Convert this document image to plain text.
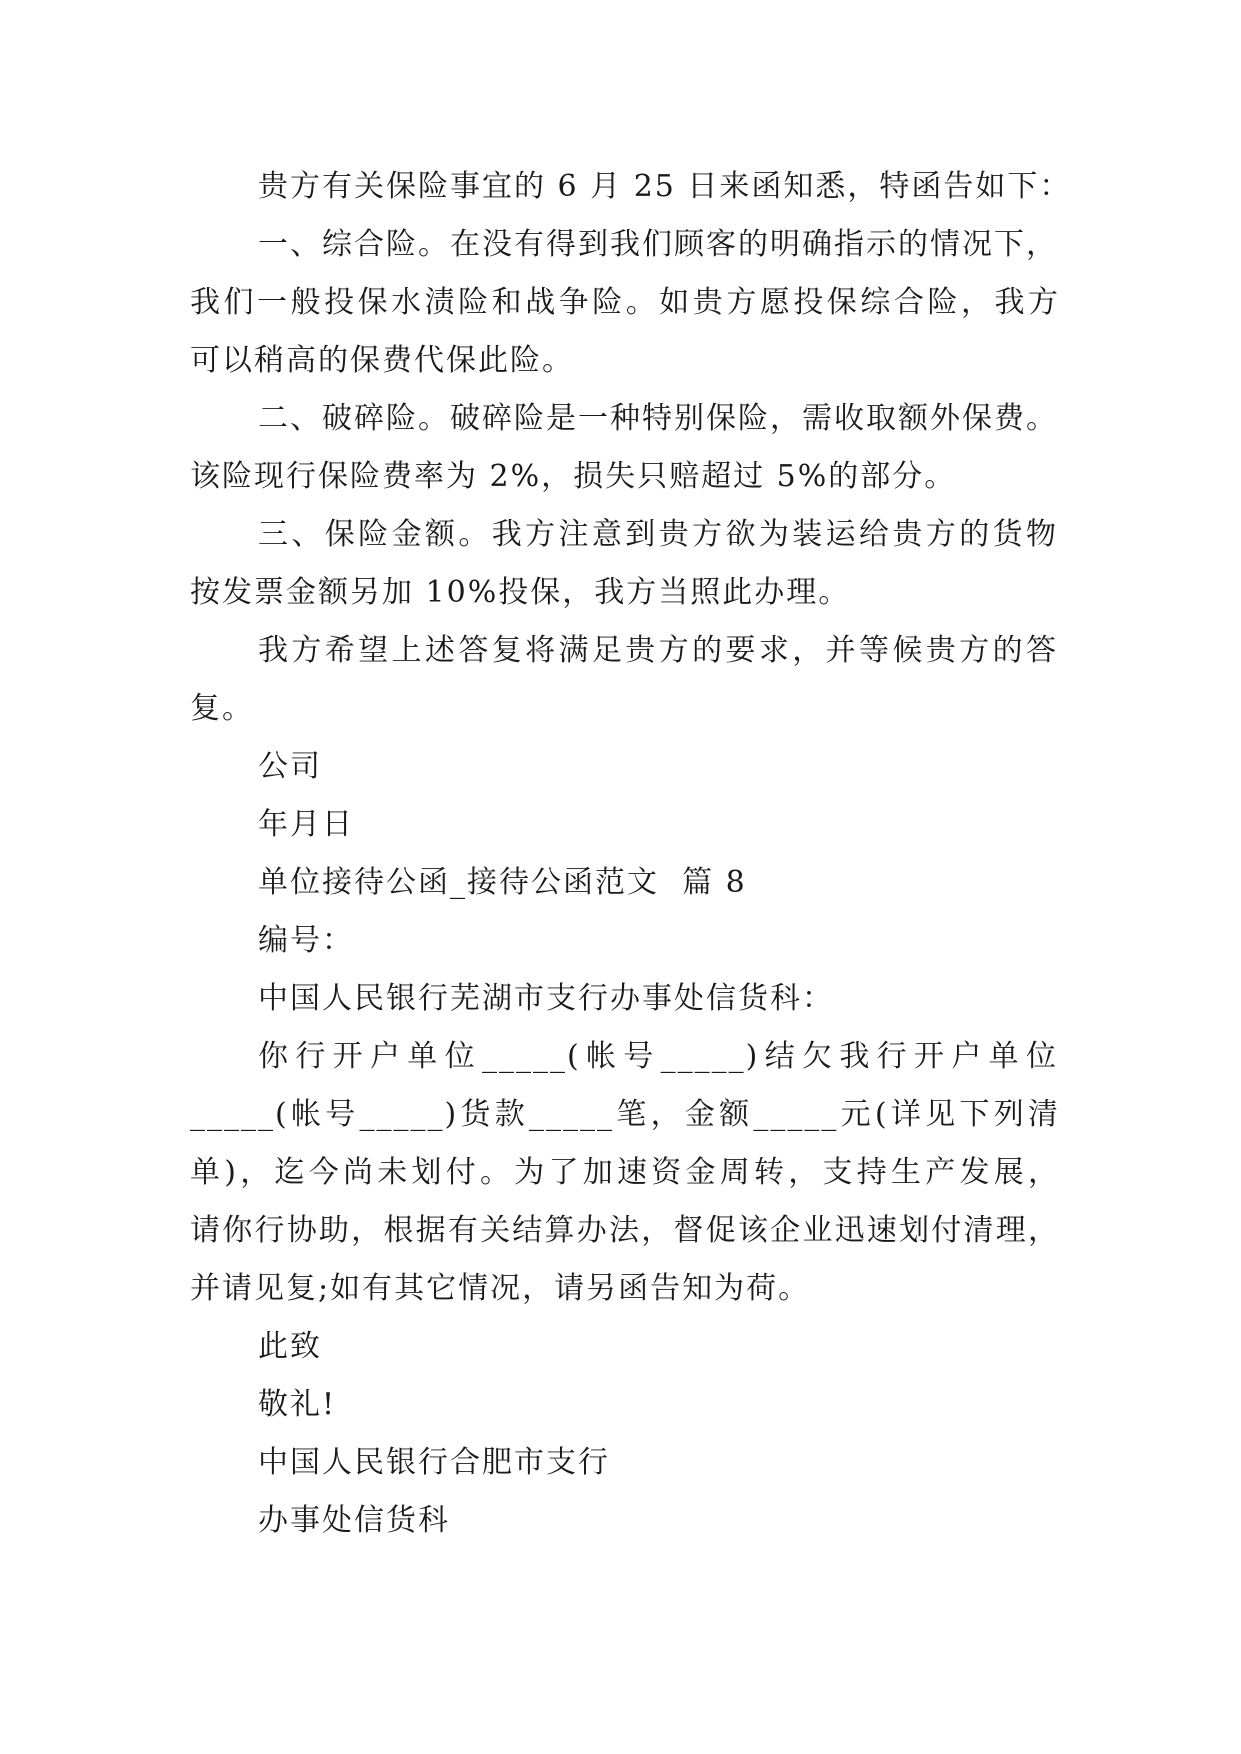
贵方有关保险事宜的 6 月 25 日来函知悉，特函告如下：
一、综合险。在没有得到我们顾客的明确指示的情况下，
我们一般投保水渍险和战争险。如贵方愿投保综合险，我方
可以稍高的保费代保此险。
二、破碎险。破碎险是一种特别保险，需收取额外保费。
该险现行保险费率为 2%，损失只赔超过 5%的部分。
三、保险金额。我方注意到贵方欲为装运给贵方的货物
按发票金额另加 10%投保，我方当照此办理。
我方希望上述答复将满足贵方的要求，并等候贵方的答
复。
公司
年月日
单位接待公函_接待公函范文  篇 8
编号：
中国人民银行芜湖市支行办事处信货科：
你行开户单位_____(帐号_____)结欠我行开户单位
_____(帐号_____)货款_____笔，金额_____元(详见下列清
单)，迄今尚未划付。为了加速资金周转，支持生产发展，
请你行协助，根据有关结算办法，督促该企业迅速划付清理，
并请见复;如有其它情况，请另函告知为荷。
此致
敬礼!
中国人民银行合肥市支行
办事处信货科
